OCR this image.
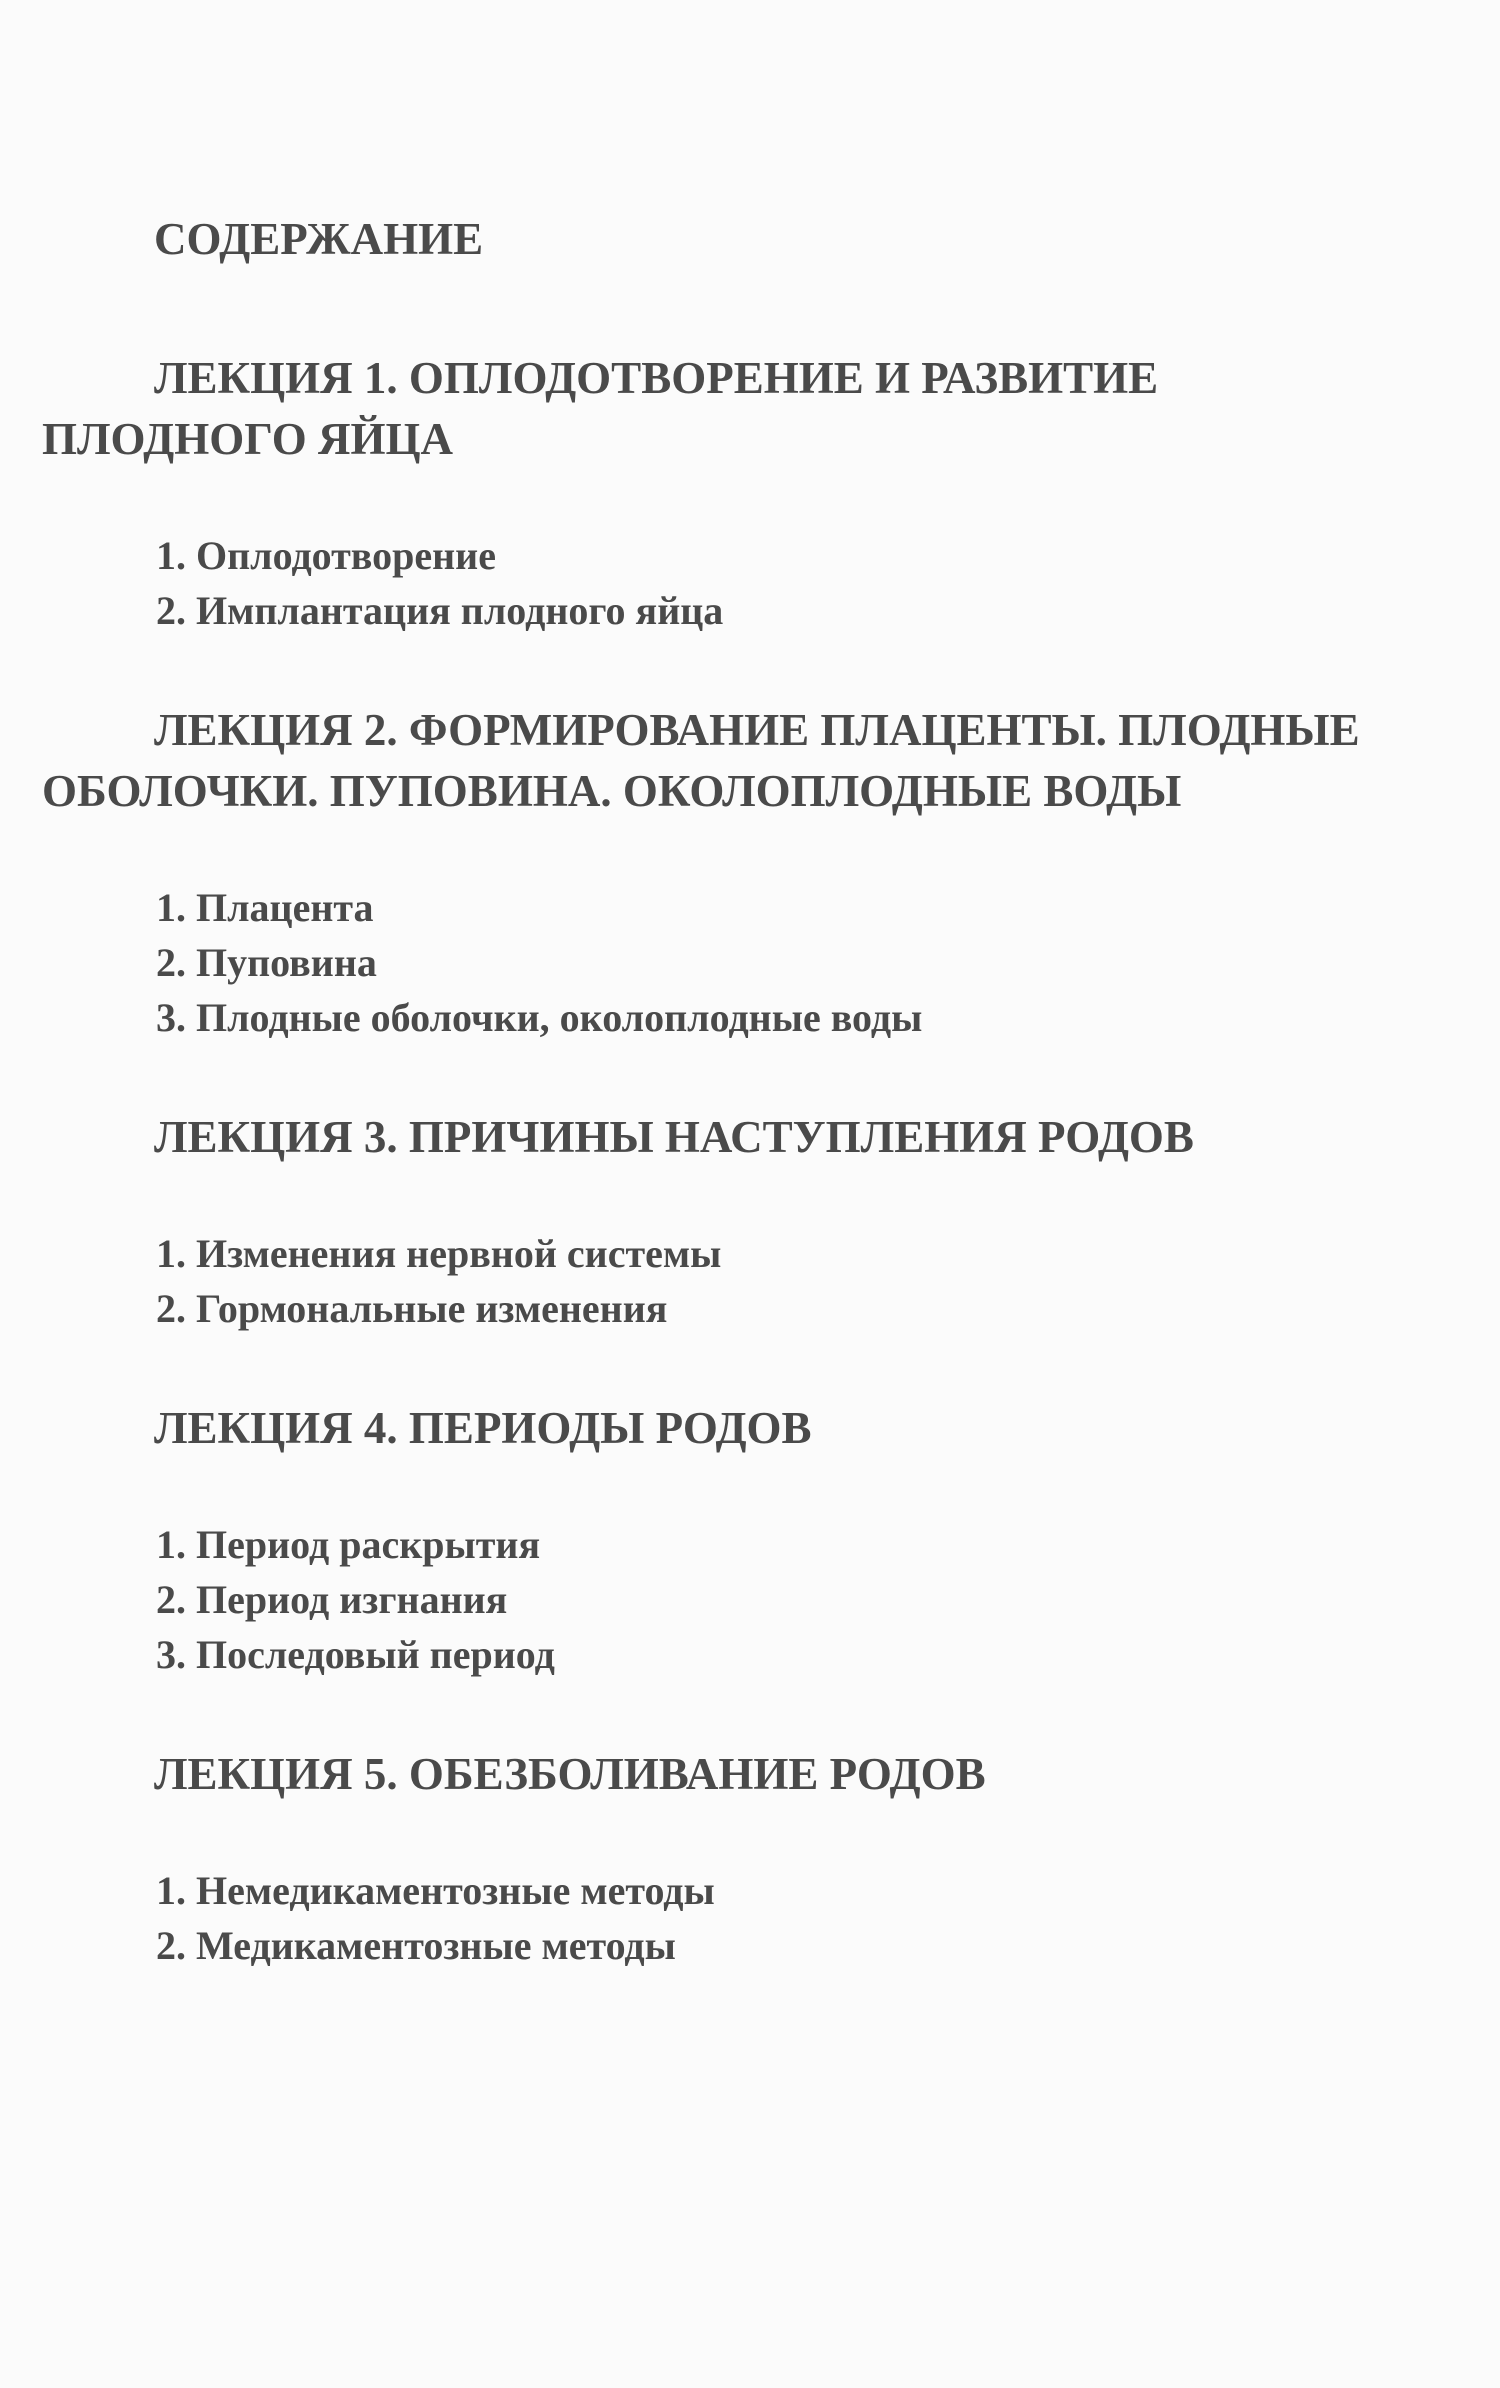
СОДЕРЖАНИЕ
ЛЕКЦИЯ 1. ОПЛОДОТВОРЕНИЕ И РАЗВИТИЕ ПЛОДНОГО ЯЙЦА
1. Оплодотворение
2. Имплантация плодного яйца
ЛЕКЦИЯ 2. ФОРМИРОВАНИЕ ПЛАЦЕНТЫ. ПЛОДНЫЕ ОБОЛОЧКИ. ПУПОВИНА. ОКОЛОПЛОДНЫЕ ВОДЫ
1. Плацента
2. Пуповина
3. Плодные оболочки, околоплодные воды
ЛЕКЦИЯ 3. ПРИЧИНЫ НАСТУПЛЕНИЯ РОДОВ
1. Изменения нервной системы
2. Гормональные изменения
ЛЕКЦИЯ 4. ПЕРИОДЫ РОДОВ
1. Период раскрытия
2. Период изгнания
3. Последовый период
ЛЕКЦИЯ 5. ОБЕЗБОЛИВАНИЕ РОДОВ
1. Немедикаментозные методы
2. Медикаментозные методы
